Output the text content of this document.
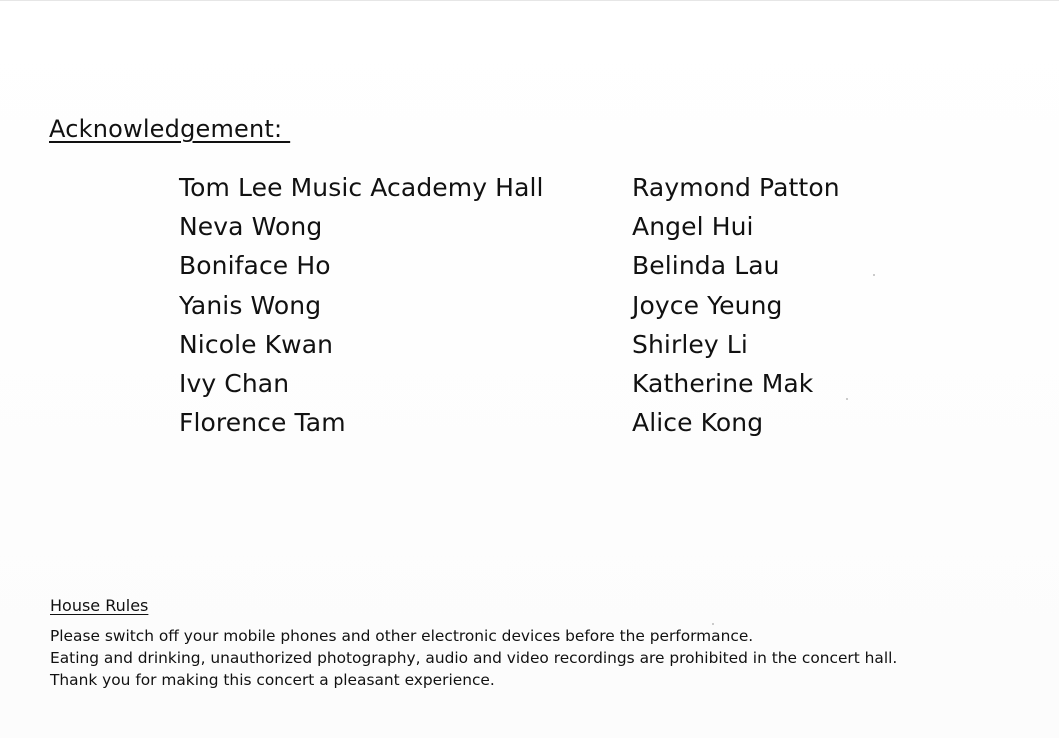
Acknowledgement:
Tom Lee Music Academy Hall
Neva Wong
Boniface Ho
Yanis Wong
Nicole Kwan
Ivy Chan
Florence Tam
Raymond Patton
Angel Hui
Belinda Lau
Joyce Yeung
Shirley Li
Katherine Mak
Alice Kong
House Rules

Please switch off your mobile phones and other electronic devices before the performance.

Eating and drinking, unauthorized photography, audio and video recordings are prohibited in the concert hall.

Thank you for making this concert a pleasant experience.
